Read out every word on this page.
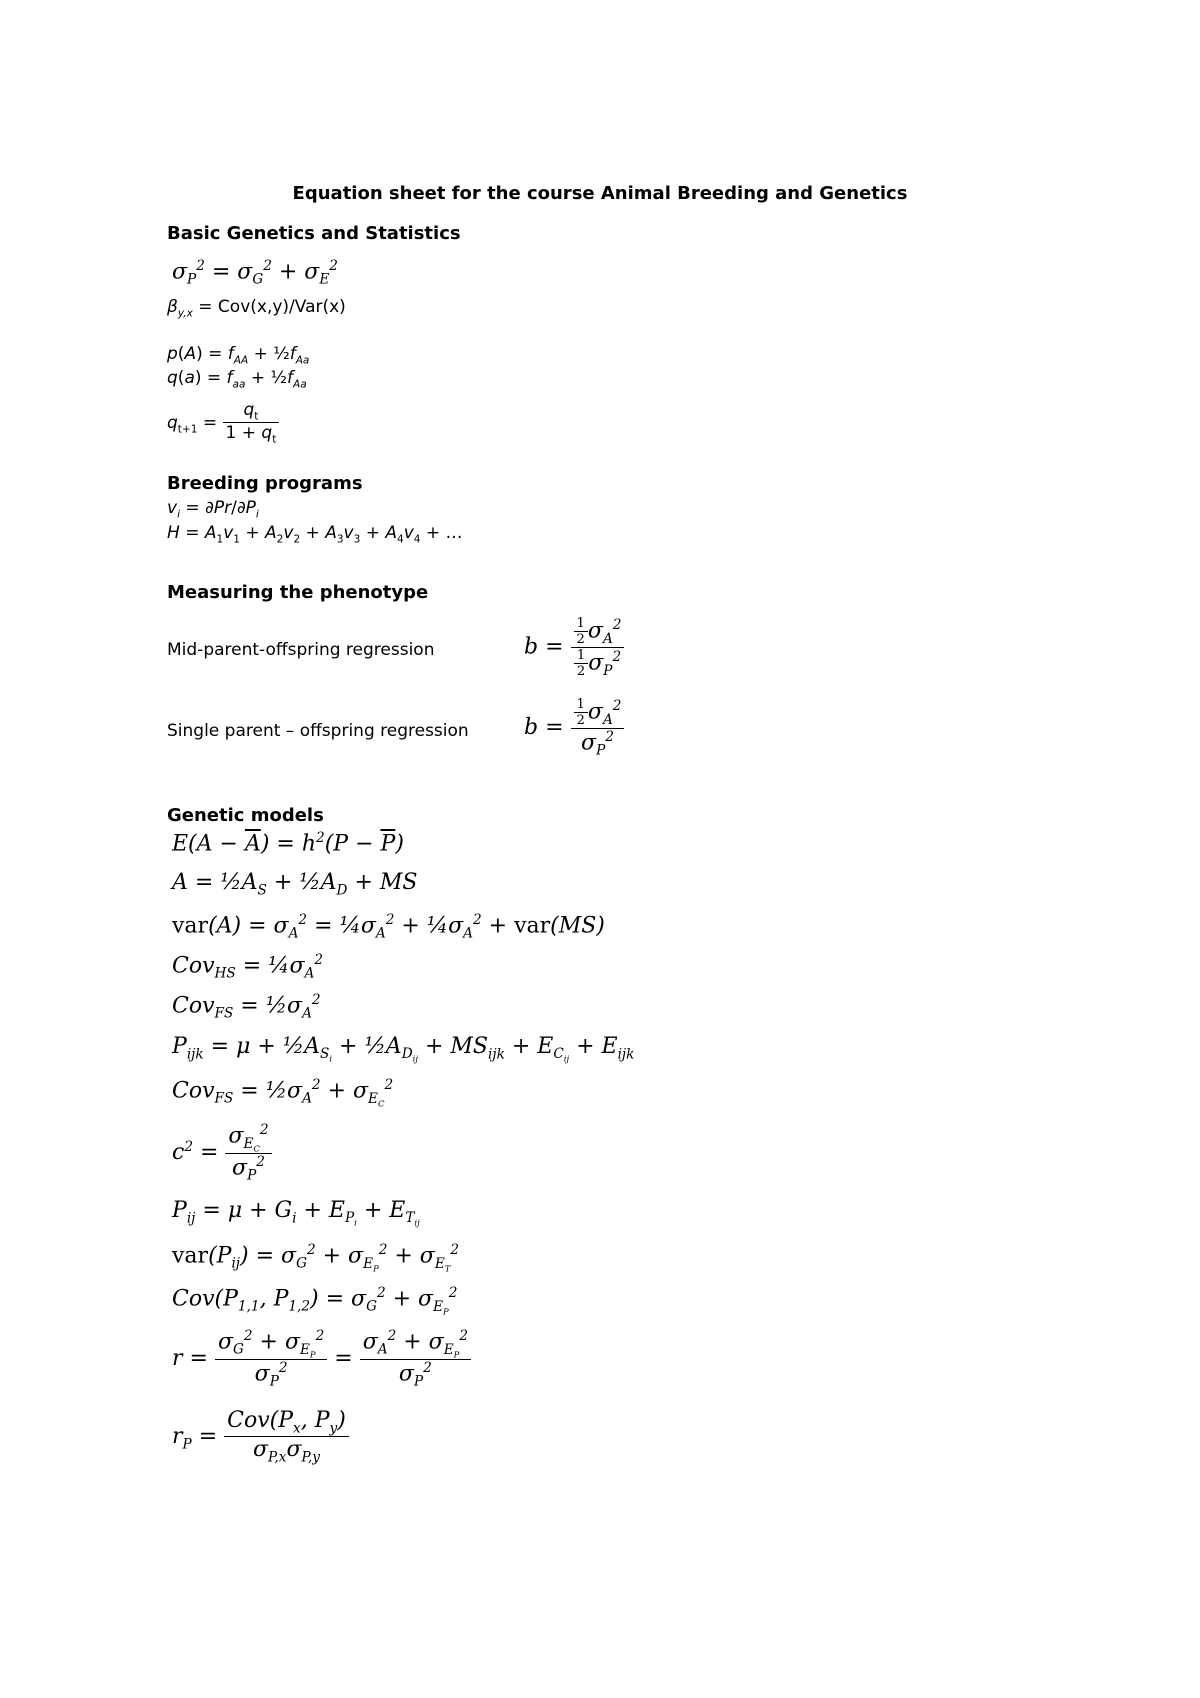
Equation sheet for the course Animal Breeding and Genetics
Basic Genetics and Statistics
$\sigma_P^2 = \sigma_G^2 + \sigma_E^2$
$\beta_{y,x} = Cov(x,y)/Var(x)$
$p(A) = f_{AA}$ + $\frac{1}{2}f_{Aa}$
$q(a) = f_{aa}$ + $\frac{1}{2}f_{Aa}$
$q_{t+1} = \frac{q_t}{1 + q_t}$
Breeding programs
$v_i = \partial Pr/\partial P_i$
$H = A_1v_1 + A_2v_2 + A_3v_3 + A_4v_4$ + …
Measuring the phenotype
Mid-parent-offspring regression	$b = \frac{\frac{1}{2} \sigma_A^2}{\frac{1}{2} \sigma_P^2}$
Single parent – offspring regression	$b = \frac{\frac{1}{2} \sigma_A^2}{\sigma_P^2}$
Genetic models
$E(A - \overline{A}) = h^2(P - \overline{P})$
$A = \frac{1}{2}A_S$ + $\frac{1}{2}A_D$ + MS
$var(A) = \sigma_A^2$ = $\frac{1}{4}\sigma_A^2$ + $\frac{1}{4}\sigma_A^2 + var(MS)$
$Cov_{HS} = \frac{1}{4}\sigma_A^2$
$Cov_{FS} = \frac{1}{2}\sigma_A^2$
$P_{ijk} = \mu$ + $\frac{1}{2}A_{S_i}$ + $\frac{1}{2}A_{D_{ij}} + MS_{ijk} + E_{C_{ij}} + E_{ijk}$
$Cov_{FS} = \frac{1}{2}\sigma_A^2 + \sigma_{E_C}^2$
$c^2 = \frac{\sigma_{E_C}^2}{\sigma_P^2}$
$P_{ij} = \mu + G_i + E_{P_i} + E_{T_{ij}}$
$var(P_{ij}) = \sigma_G^2 + \sigma_{E_P}^2 + \sigma_{E_T}^2$
$Cov(P_{1,1}$, $P_{1,2}) = \sigma_G^2 + \sigma_{E_P}^2$
$r = \frac{\sigma_G^2 + \sigma_{E_P}^2}{\sigma_P^2} = \frac{\sigma_A^2 + \sigma_{E_P}^2}{\sigma_P^2}$
$r_P = \frac{Cov(P_x, P_y)}{\sigma_{P,x}\sigma_{P,y}}$
